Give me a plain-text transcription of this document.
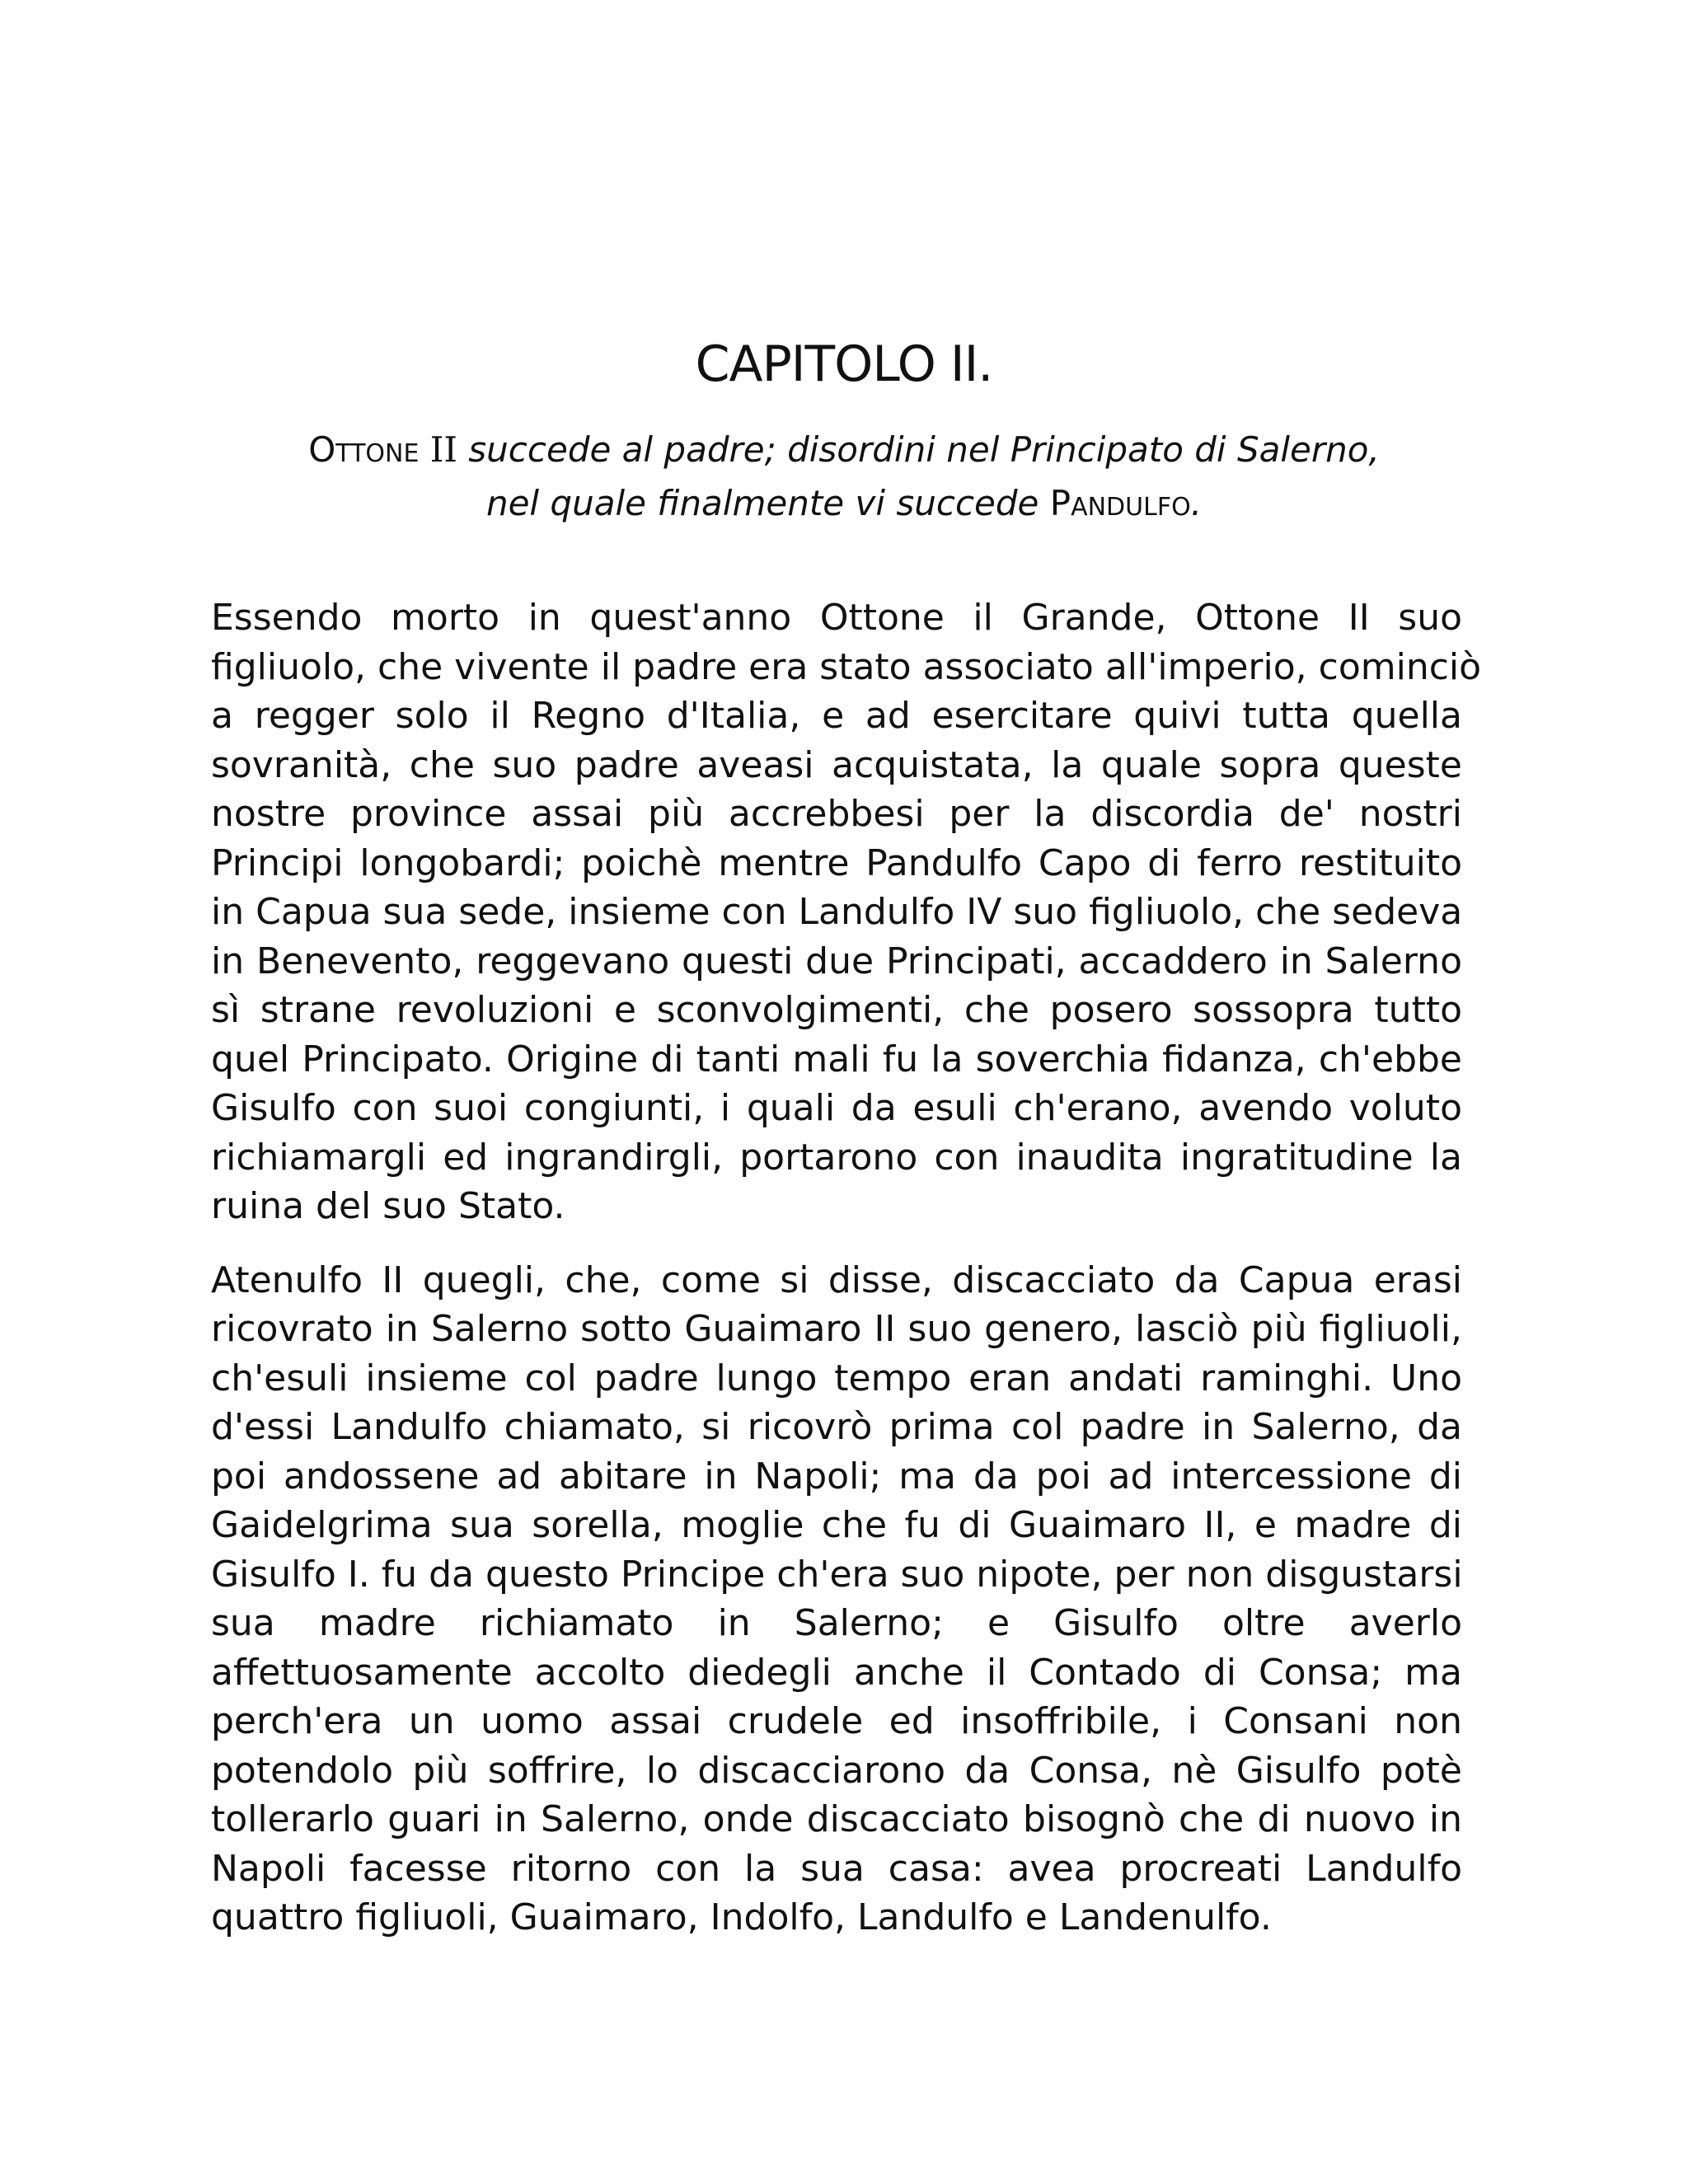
CAPITOLO II.
OTTONE II succede al padre; disordini nel Principato di Salerno,
nel quale finalmente vi succede PANDULFO.
Essendo morto in quest'anno Ottone il Grande, Ottone II suo
figliuolo, che vivente il padre era stato associato all'imperio, cominciò
a regger solo il Regno d'Italia, e ad esercitare quivi tutta quella
sovranità, che suo padre aveasi acquistata, la quale sopra queste
nostre province assai più accrebbesi per la discordia de' nostri
Principi longobardi; poichè mentre Pandulfo Capo di ferro restituito
in Capua sua sede, insieme con Landulfo IV suo figliuolo, che sedeva
in Benevento, reggevano questi due Principati, accaddero in Salerno
sì strane revoluzioni e sconvolgimenti, che posero sossopra tutto
quel Principato. Origine di tanti mali fu la soverchia fidanza, ch'ebbe
Gisulfo con suoi congiunti, i quali da esuli ch'erano, avendo voluto
richiamargli ed ingrandirgli, portarono con inaudita ingratitudine la
ruina del suo Stato.
Atenulfo II quegli, che, come si disse, discacciato da Capua erasi
ricovrato in Salerno sotto Guaimaro II suo genero, lasciò più figliuoli,
ch'esuli insieme col padre lungo tempo eran andati raminghi. Uno
d'essi Landulfo chiamato, si ricovrò prima col padre in Salerno, da
poi andossene ad abitare in Napoli; ma da poi ad intercessione di
Gaidelgrima sua sorella, moglie che fu di Guaimaro II, e madre di
Gisulfo I. fu da questo Principe ch'era suo nipote, per non disgustarsi
sua madre richiamato in Salerno; e Gisulfo oltre averlo
affettuosamente accolto diedegli anche il Contado di Consa; ma
perch'era un uomo assai crudele ed insoffribile, i Consani non
potendolo più soffrire, lo discacciarono da Consa, nè Gisulfo potè
tollerarlo guari in Salerno, onde discacciato bisognò che di nuovo in
Napoli facesse ritorno con la sua casa: avea procreati Landulfo
quattro figliuoli, Guaimaro, Indolfo, Landulfo e Landenulfo.
